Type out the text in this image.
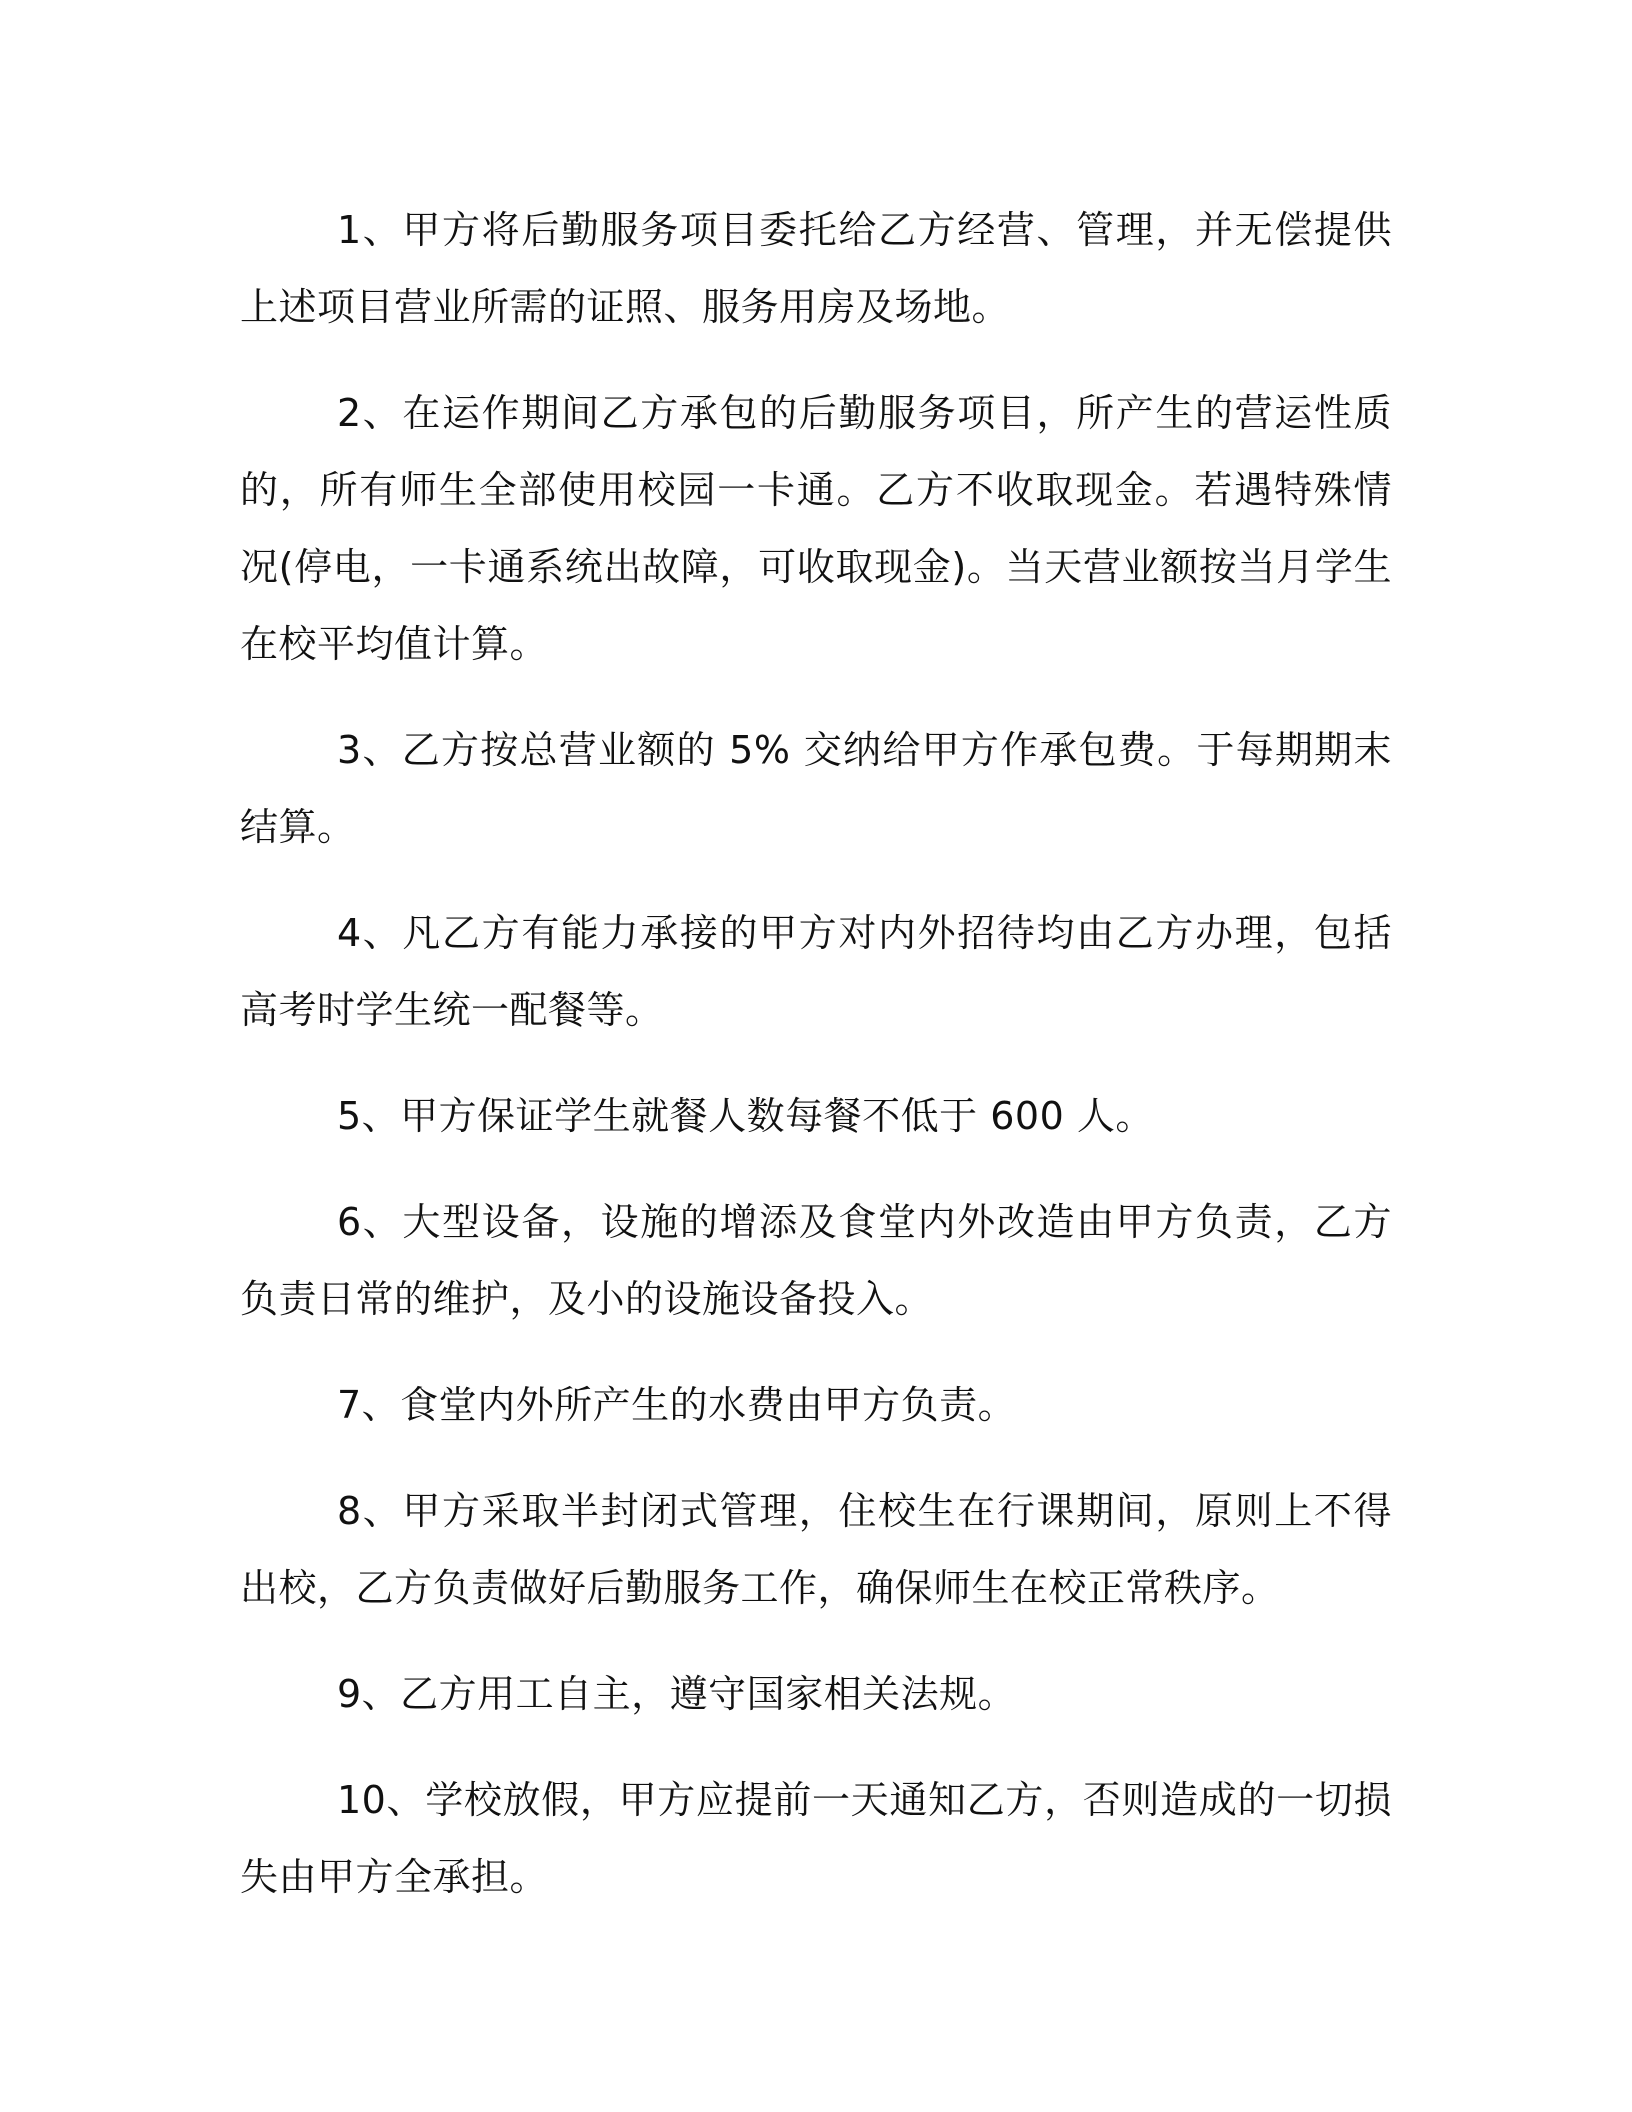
1、甲方将后勤服务项目委托给乙方经营、管理，并无偿提供上述项目营业所需的证照、服务用房及场地。

2、在运作期间乙方承包的后勤服务项目，所产生的营运性质的，所有师生全部使用校园一卡通。乙方不收取现金。若遇特殊情况(停电，一卡通系统出故障，可收取现金)。当天营业额按当月学生在校平均值计算。

3、乙方按总营业额的 5% 交纳给甲方作承包费。于每期期末结算。

4、凡乙方有能力承接的甲方对内外招待均由乙方办理，包括高考时学生统一配餐等。

5、甲方保证学生就餐人数每餐不低于 600 人。

6、大型设备，设施的增添及食堂内外改造由甲方负责，乙方负责日常的维护，及小的设施设备投入。

7、食堂内外所产生的水费由甲方负责。

8、甲方采取半封闭式管理，住校生在行课期间，原则上不得出校，乙方负责做好后勤服务工作，确保师生在校正常秩序。

9、乙方用工自主，遵守国家相关法规。

10、学校放假，甲方应提前一天通知乙方，否则造成的一切损失由甲方全承担。
